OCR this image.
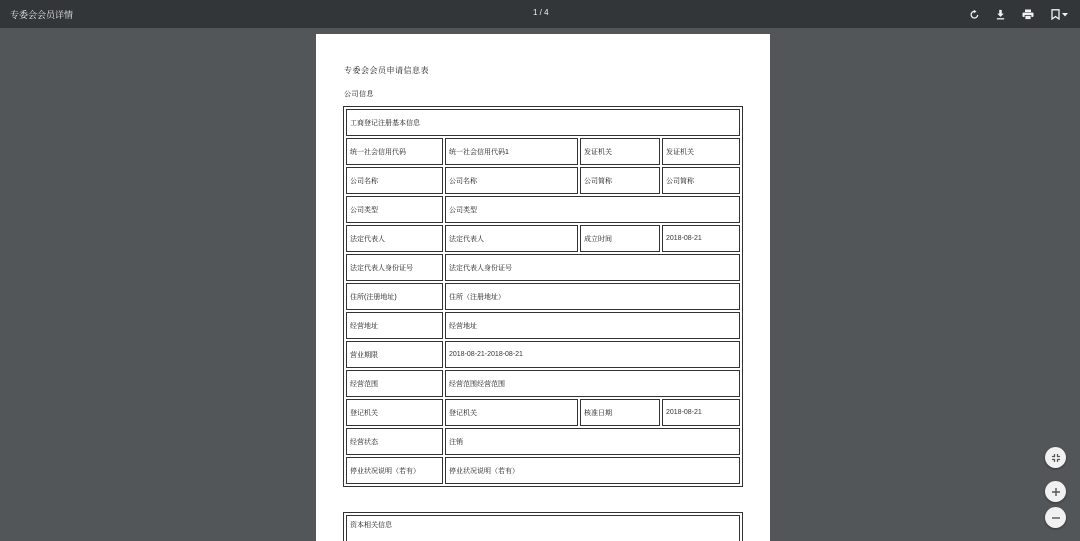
专委会会员详情	1 / 4
专委会会员申请信息表
公司信息
工商登记注册基本信息			
统一社会信用代码	统一社会信用代码1	发证机关	发证机关
公司名称	公司名称	公司简称	公司简称
公司类型	公司类型		
法定代表人	法定代表人	成立时间	2018-08-21
法定代表人身份证号	法定代表人身份证号		
住所(注册地址)	住所（注册地址）		
经营地址	经营地址		
营业期限	2018-08-21-2018-08-21		
经营范围	经营范围经营范围		
登记机关	登记机关	核准日期	2018-08-21
经营状态	注销		
停业状况说明（若有）	停业状况说明（若有）		
资本相关信息
